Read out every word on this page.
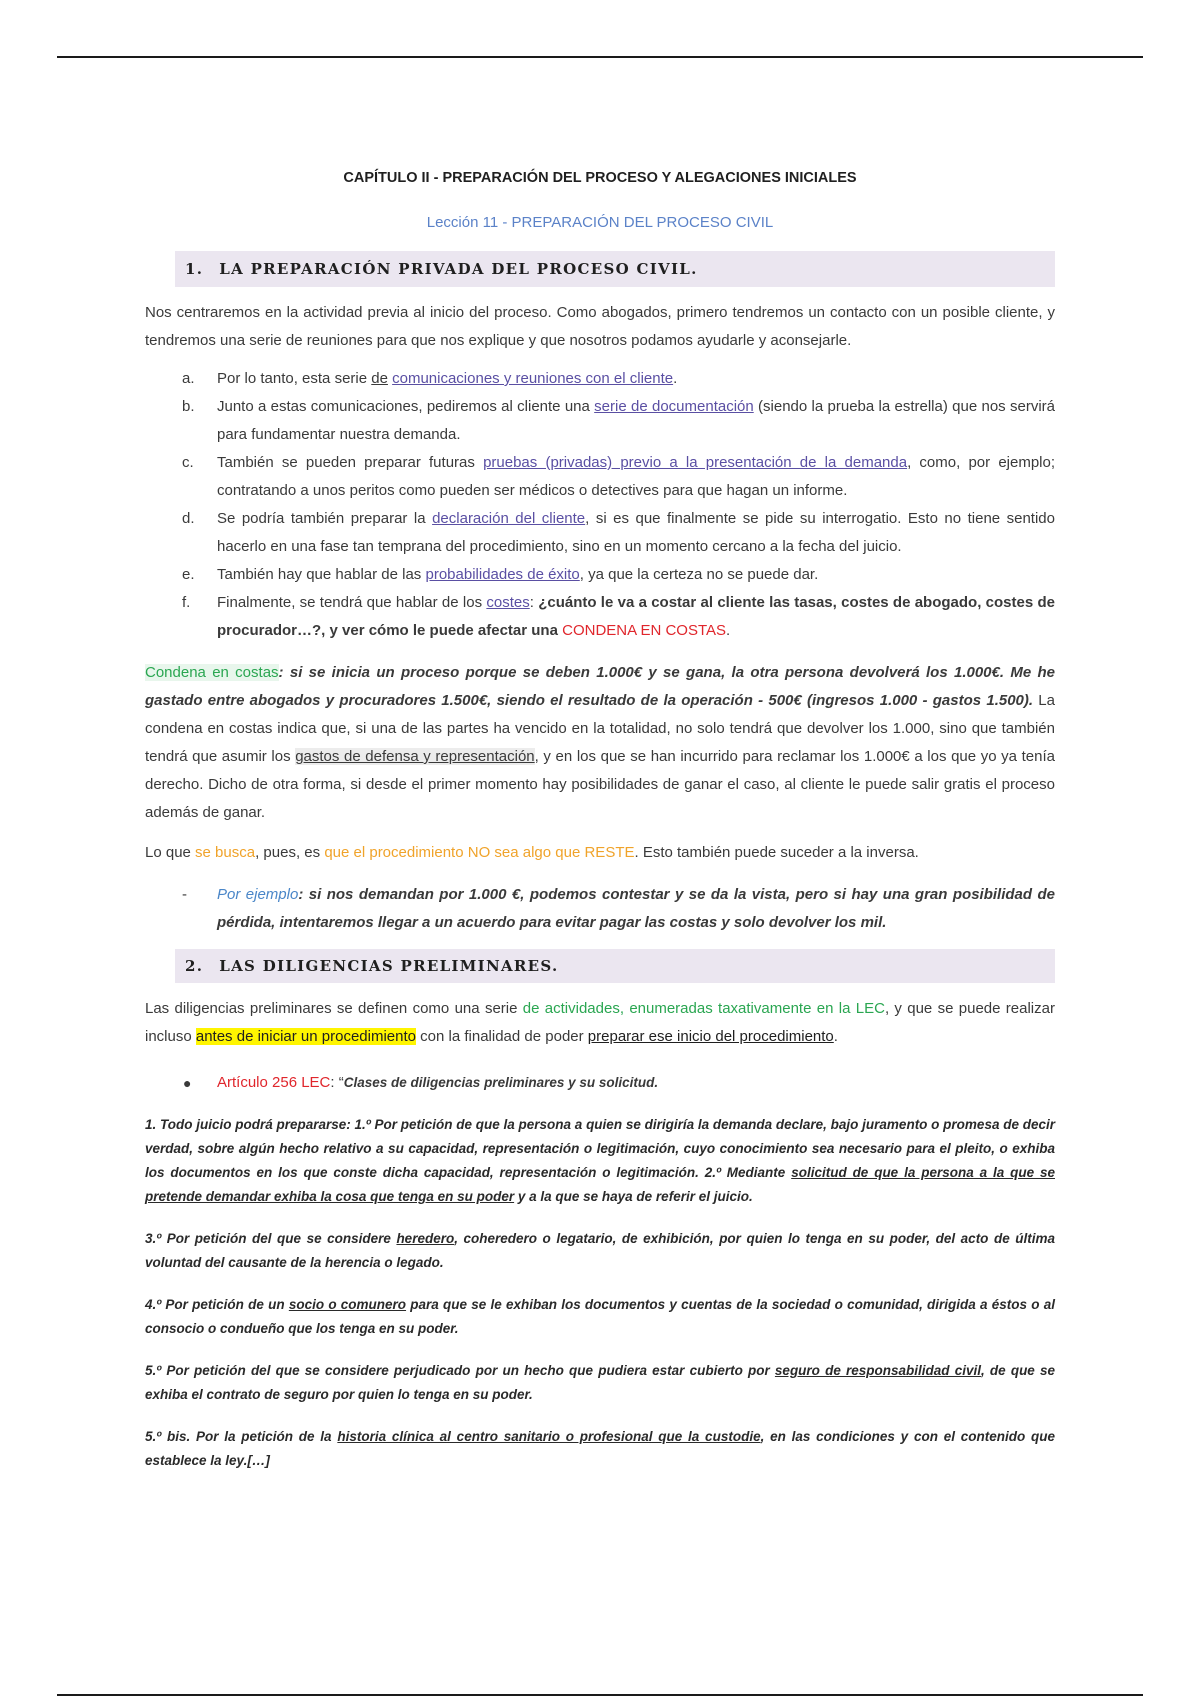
CAPÍTULO II - PREPARACIÓN DEL PROCESO Y ALEGACIONES INICIALES
Lección 11 - PREPARACIÓN DEL PROCESO CIVIL
1. LA PREPARACIÓN PRIVADA DEL PROCESO CIVIL.

Nos centraremos en la actividad previa al inicio del proceso. Como abogados, primero tendremos un contacto con un posible cliente, y tendremos una serie de reuniones para que nos explique y que nosotros podamos ayudarle y aconsejarle.

a.	Por lo tanto, esta serie de comunicaciones y reuniones con el cliente.
b.	Junto a estas comunicaciones, pediremos al cliente una serie de documentación (siendo la prueba la estrella) que nos servirá para fundamentar nuestra demanda.
c.	También se pueden preparar futuras pruebas (privadas) previo a la presentación de la demanda, como, por ejemplo; contratando a unos peritos como pueden ser médicos o detectives para que hagan un informe.
d.	Se podría también preparar la declaración del cliente, si es que finalmente se pide su interrogatio. Esto no tiene sentido hacerlo en una fase tan temprana del procedimiento, sino en un momento cercano a la fecha del juicio.
e.	También hay que hablar de las probabilidades de éxito, ya que la certeza no se puede dar.
f.	Finalmente, se tendrá que hablar de los costes: ¿cuánto le va a costar al cliente las tasas, costes de abogado, costes de procurador…?, y ver cómo le puede afectar una CONDENA EN COSTAS.

Condena en costas: si se inicia un proceso porque se deben 1.000€ y se gana, la otra persona devolverá los 1.000€. Me he gastado entre abogados y procuradores 1.500€, siendo el resultado de la operación - 500€ (ingresos 1.000 - gastos 1.500). La condena en costas indica que, si una de las partes ha vencido en la totalidad, no solo tendrá que devolver los 1.000, sino que también tendrá que asumir los gastos de defensa y representación, y en los que se han incurrido para reclamar los 1.000€ a los que yo ya tenía derecho. Dicho de otra forma, si desde el primer momento hay posibilidades de ganar el caso, al cliente le puede salir gratis el proceso además de ganar.

Lo que se busca, pues, es que el procedimiento NO sea algo que RESTE. Esto también puede suceder a la inversa.

-	Por ejemplo: si nos demandan por 1.000 €, podemos contestar y se da la vista, pero si hay una gran posibilidad de pérdida, intentaremos llegar a un acuerdo para evitar pagar las costas y solo devolver los mil.
2. LAS DILIGENCIAS PRELIMINARES.

Las diligencias preliminares se definen como una serie de actividades, enumeradas taxativamente en la LEC, y que se puede realizar incluso antes de iniciar un procedimiento con la finalidad de poder preparar ese inicio del procedimiento.

●	Artículo 256 LEC: “Clases de diligencias preliminares y su solicitud.
1. Todo juicio podrá prepararse: 1.º Por petición de que la persona a quien se dirigiría la demanda declare, bajo juramento o promesa de decir verdad, sobre algún hecho relativo a su capacidad, representación o legitimación, cuyo conocimiento sea necesario para el pleito, o exhiba los documentos en los que conste dicha capacidad, representación o legitimación. 2.º Mediante solicitud de que la persona a la que se pretende demandar exhiba la cosa que tenga en su poder y a la que se haya de referir el juicio.
3.º Por petición del que se considere heredero, coheredero o legatario, de exhibición, por quien lo tenga en su poder, del acto de última voluntad del causante de la herencia o legado.
4.º Por petición de un socio o comunero para que se le exhiban los documentos y cuentas de la sociedad o comunidad, dirigida a éstos o al consocio o condueño que los tenga en su poder.
5.º Por petición del que se considere perjudicado por un hecho que pudiera estar cubierto por seguro de responsabilidad civil, de que se exhiba el contrato de seguro por quien lo tenga en su poder.
5.º bis. Por la petición de la historia clínica al centro sanitario o profesional que la custodie, en las condiciones y con el contenido que establece la ley.[…]
